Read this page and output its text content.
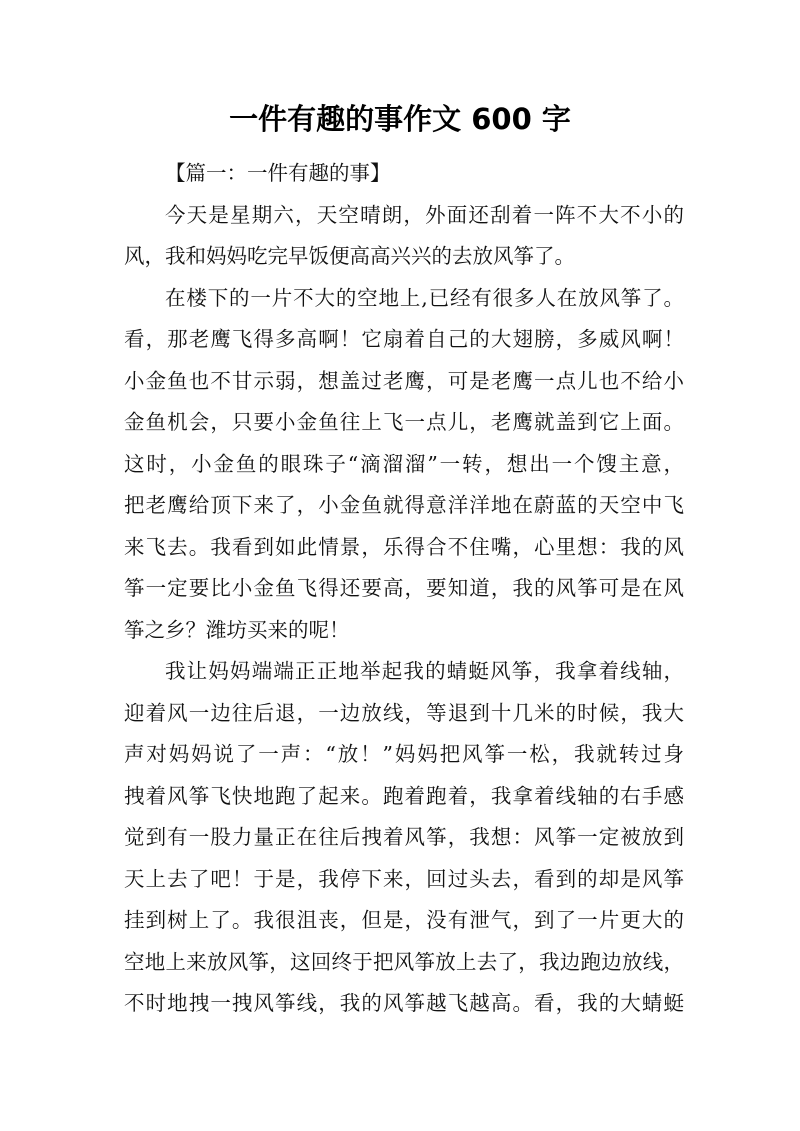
一件有趣的事作文 600 字
【篇一：一件有趣的事】
今天是星期六，天空晴朗，外面还刮着一阵不大不小的
风，我和妈妈吃完早饭便高高兴兴的去放风筝了。
在楼下的一片不大的空地上,已经有很多人在放风筝了。
看，那老鹰飞得多高啊！它扇着自己的大翅膀，多威风啊！
小金鱼也不甘示弱，想盖过老鹰，可是老鹰一点儿也不给小
金鱼机会，只要小金鱼往上飞一点儿，老鹰就盖到它上面。
这时，小金鱼的眼珠子“滴溜溜”一转，想出一个馊主意，
把老鹰给顶下来了，小金鱼就得意洋洋地在蔚蓝的天空中飞
来飞去。我看到如此情景，乐得合不住嘴，心里想：我的风
筝一定要比小金鱼飞得还要高，要知道，我的风筝可是在风
筝之乡？潍坊买来的呢！
我让妈妈端端正正地举起我的蜻蜓风筝，我拿着线轴，
迎着风一边往后退，一边放线，等退到十几米的时候，我大
声对妈妈说了一声：“放！”妈妈把风筝一松，我就转过身
拽着风筝飞快地跑了起来。跑着跑着，我拿着线轴的右手感
觉到有一股力量正在往后拽着风筝，我想：风筝一定被放到
天上去了吧！于是，我停下来，回过头去，看到的却是风筝
挂到树上了。我很沮丧，但是，没有泄气，到了一片更大的
空地上来放风筝，这回终于把风筝放上去了，我边跑边放线，
不时地拽一拽风筝线，我的风筝越飞越高。看，我的大蜻蜓
